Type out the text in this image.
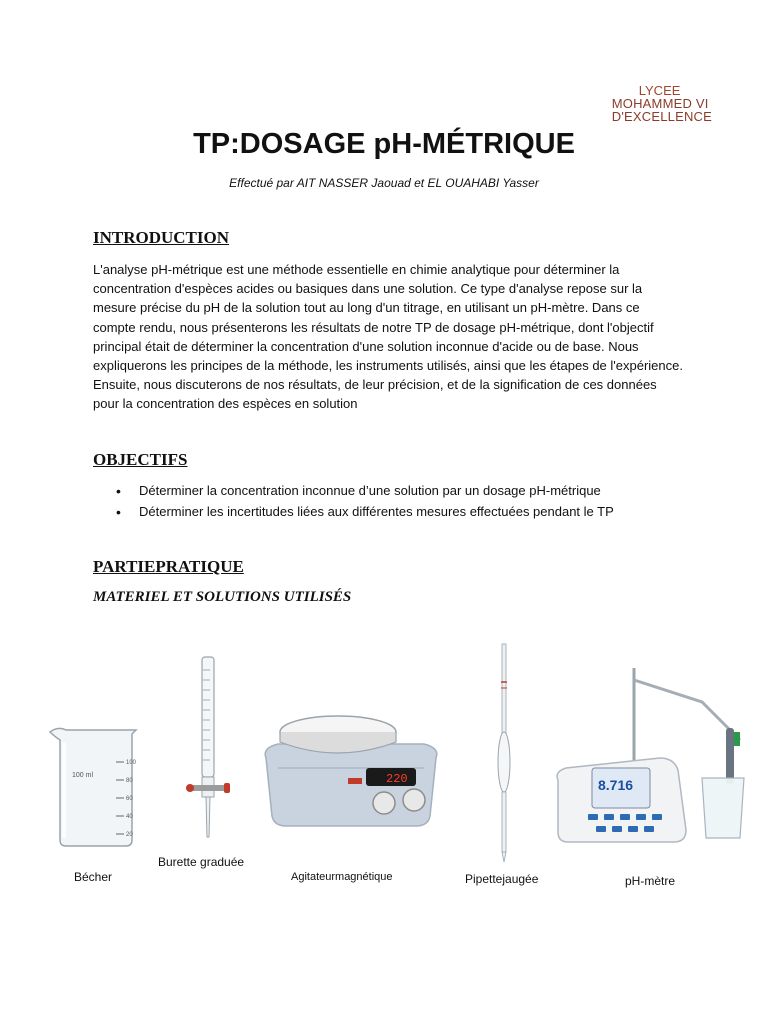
LYCEE
MOHAMMED VI
D'EXCELLENCE
TP:DOSAGE pH-MÉTRIQUE
Effectué par AIT NASSER Jaouad et EL OUAHABI Yasser
INTRODUCTION

L'analyse pH-métrique est une méthode essentielle en chimie analytique pour déterminer la concentration d'espèces acides ou basiques dans une solution. Ce type d'analyse repose sur la mesure précise du pH de la solution tout au long d'un titrage, en utilisant un pH-mètre. Dans ce compte rendu, nous présenterons les résultats de notre TP de dosage pH-métrique, dont l'objectif principal était de déterminer la concentration d'une solution inconnue d'acide ou de base. Nous expliquerons les principes de la méthode, les instruments utilisés, ainsi que les étapes de l'expérience. Ensuite, nous discuterons de nos résultats, de leur précision, et de la signification de ces données pour la concentration des espèces en solution

OBJECTIFS
• Déterminer la concentration inconnue d’une solution par un dosage pH-métrique
• Déterminer les incertitudes liées aux différentes mesures effectuées pendant le TP
PARTIEPRATIQUE
MATERIEL ET SOLUTIONS UTILISÉS
100 ml
100
80
60
40
20
Bécher
Burette graduée
220
Agitateurmagnétique	Pipettejaugée
8.716
pH-mètre
